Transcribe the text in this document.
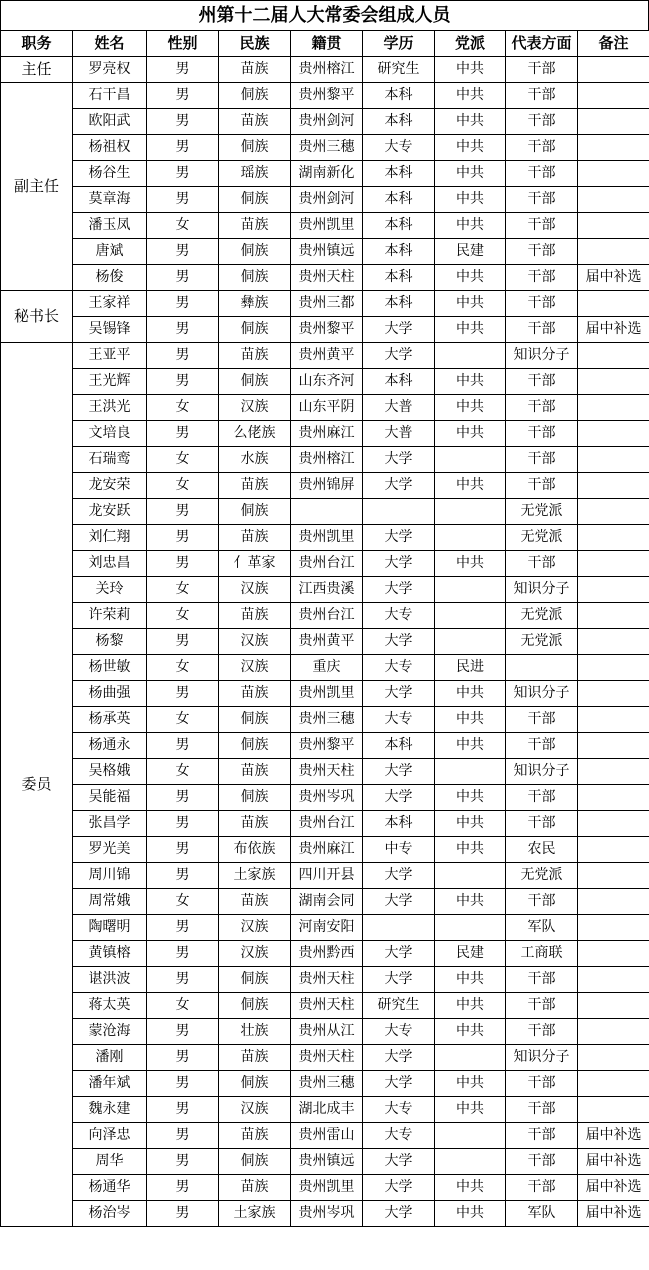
州第十二届人大常委会组成人员
职务	姓名	性别	民族	籍贯	学历	党派	代表方面	备注
主任	罗亮权	男	苗族	贵州榕江	研究生	中共	干部	
副主任	石干昌	男	侗族	贵州黎平	本科	中共	干部	
	欧阳武	男	苗族	贵州剑河	本科	中共	干部	
	杨祖权	男	侗族	贵州三穗	大专	中共	干部	
	杨谷生	男	瑶族	湖南新化	本科	中共	干部	
	莫章海	男	侗族	贵州剑河	本科	中共	干部	
	潘玉凤	女	苗族	贵州凯里	本科	中共	干部	
	唐斌	男	侗族	贵州镇远	本科	民建	干部	
	杨俊	男	侗族	贵州天柱	本科	中共	干部	届中补选
秘书长	王家祥	男	彝族	贵州三都	本科	中共	干部	
	吴锡锋	男	侗族	贵州黎平	大学	中共	干部	届中补选
委员	王亚平	男	苗族	贵州黄平	大学		知识分子	
	王光辉	男	侗族	山东齐河	本科	中共	干部	
	王洪光	女	汉族	山东平阴	大普	中共	干部	
	文培良	男	么佬族	贵州麻江	大普	中共	干部	
	石瑞鸾	女	水族	贵州榕江	大学		干部	
	龙安荣	女	苗族	贵州锦屏	大学	中共	干部	
	龙安跃	男	侗族				无党派	
	刘仁翔	男	苗族	贵州凯里	大学		无党派	
	刘忠昌	男	亻革家	贵州台江	大学	中共	干部	
	关玲	女	汉族	江西贵溪	大学		知识分子	
	许荣莉	女	苗族	贵州台江	大专		无党派	
	杨黎	男	汉族	贵州黄平	大学		无党派	
	杨世敏	女	汉族	重庆	大专	民进		
	杨曲强	男	苗族	贵州凯里	大学	中共	知识分子	
	杨承英	女	侗族	贵州三穗	大专	中共	干部	
	杨通永	男	侗族	贵州黎平	本科	中共	干部	
	吴格娥	女	苗族	贵州天柱	大学		知识分子	
	吴能福	男	侗族	贵州岑巩	大学	中共	干部	
	张昌学	男	苗族	贵州台江	本科	中共	干部	
	罗光美	男	布依族	贵州麻江	中专	中共	农民	
	周川锦	男	土家族	四川开县	大学		无党派	
	周常娥	女	苗族	湖南会同	大学	中共	干部	
	陶曙明	男	汉族	河南安阳			军队	
	黄镇榕	男	汉族	贵州黔西	大学	民建	工商联	
	谌洪波	男	侗族	贵州天柱	大学	中共	干部	
	蒋太英	女	侗族	贵州天柱	研究生	中共	干部	
	蒙沧海	男	壮族	贵州从江	大专	中共	干部	
	潘刚	男	苗族	贵州天柱	大学		知识分子	
	潘年斌	男	侗族	贵州三穗	大学	中共	干部	
	魏永建	男	汉族	湖北成丰	大专	中共	干部	
	向泽忠	男	苗族	贵州雷山	大专		干部	届中补选
	周华	男	侗族	贵州镇远	大学		干部	届中补选
	杨通华	男	苗族	贵州凯里	大学	中共	干部	届中补选
	杨治岑	男	土家族	贵州岑巩	大学	中共	军队	届中补选
